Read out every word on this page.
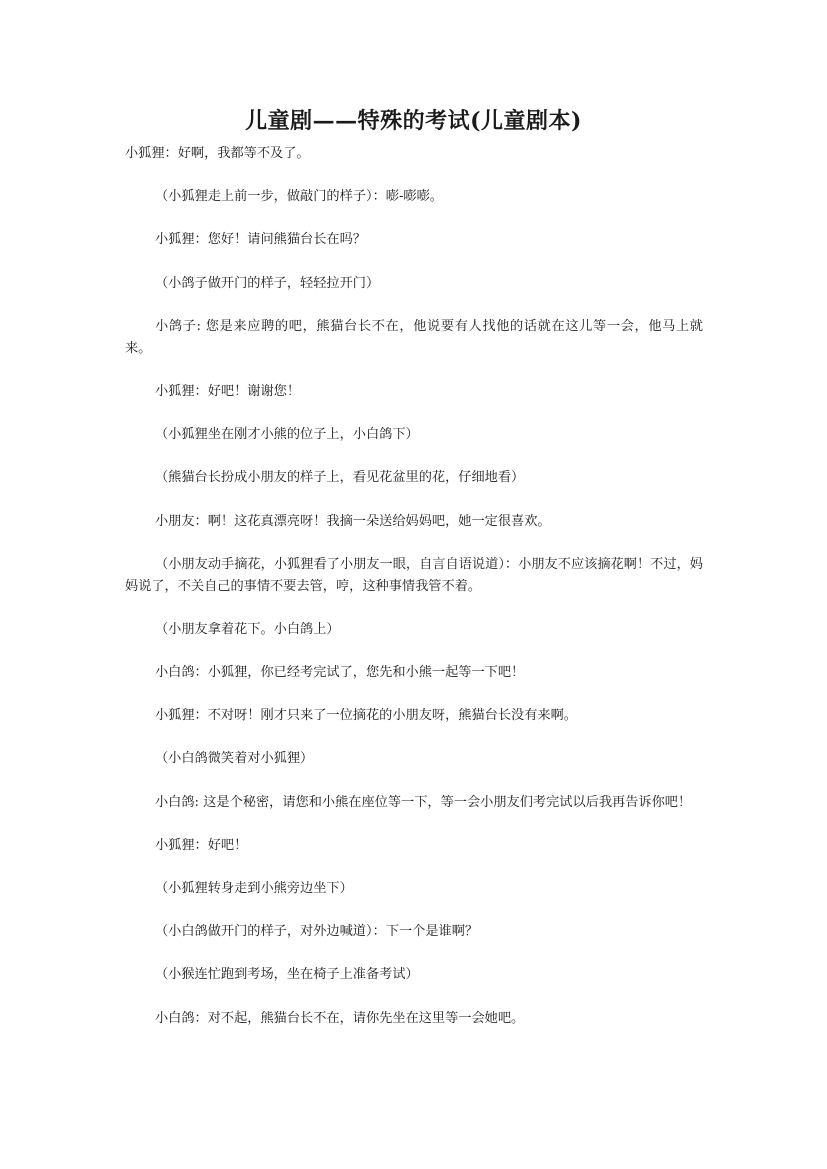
儿童剧——特殊的考试(儿童剧本)

小狐狸：好啊，我都等不及了。

（小狐狸走上前一步，做敲门的样子）：嘭-嘭嘭。

小狐狸：您好！请问熊猫台长在吗？

（小鸽子做开门的样子，轻轻拉开门）

小鸽子: 您是来应聘的吧，熊猫台长不在，他说要有人找他的话就在这儿等一会，他马上就来。

小狐狸：好吧！谢谢您！

（小狐狸坐在刚才小熊的位子上，小白鸽下）

（熊猫台长扮成小朋友的样子上，看见花盆里的花，仔细地看）

小朋友：啊！这花真漂亮呀！我摘一朵送给妈妈吧，她一定很喜欢。

（小朋友动手摘花，小狐狸看了小朋友一眼，自言自语说道）：小朋友不应该摘花啊！不过，妈妈说了，不关自己的事情不要去管，哼，这种事情我管不着。

（小朋友拿着花下。小白鸽上）

小白鸽：小狐狸，你已经考完试了，您先和小熊一起等一下吧！

小狐狸：不对呀！刚才只来了一位摘花的小朋友呀，熊猫台长没有来啊。

（小白鸽微笑着对小狐狸）

小白鸽: 这是个秘密，请您和小熊在座位等一下，等一会小朋友们考完试以后我再告诉你吧！

小狐狸：好吧！

（小狐狸转身走到小熊旁边坐下）

（小白鸽做开门的样子，对外边喊道）：下一个是谁啊？

（小猴连忙跑到考场，坐在椅子上准备考试）

小白鸽：对不起，熊猫台长不在，请你先坐在这里等一会她吧。
